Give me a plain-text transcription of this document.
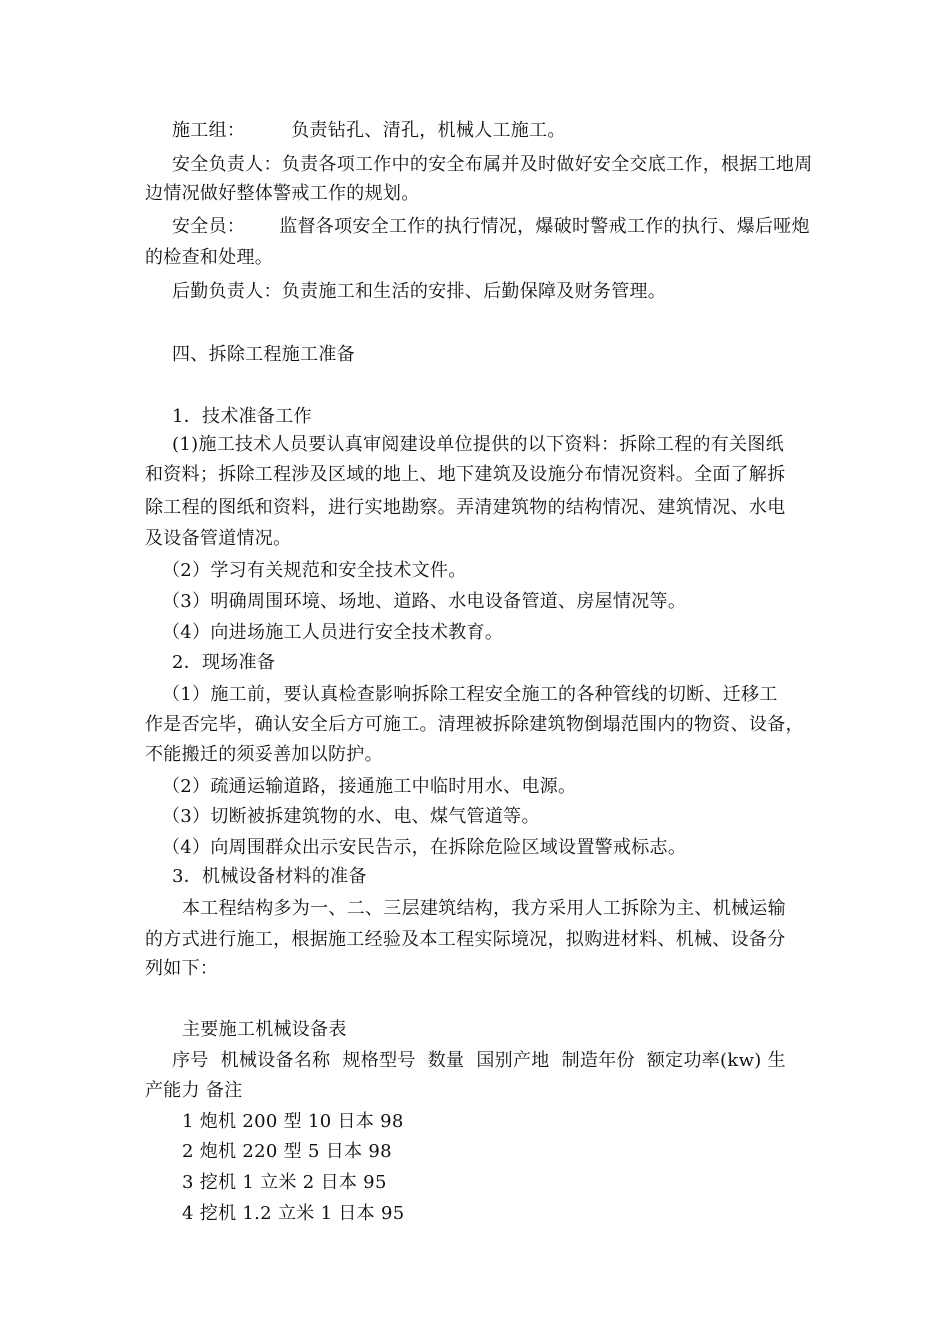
施工组：	负责钻孔、清孔，机械人工施工。
安全负责人：负责各项工作中的安全布属并及时做好安全交底工作，根据工地周
边情况做好整体警戒工作的规划。
安全员： 监督各项安全工作的执行情况，爆破时警戒工作的执行、爆后哑炮
的检查和处理。
后勤负责人：负责施工和生活的安排、后勤保障及财务管理。
四、拆除工程施工准备
1．技术准备工作
(1)施工技术人员要认真审阅建设单位提供的以下资料：拆除工程的有关图纸
和资料；拆除工程涉及区域的地上、地下建筑及设施分布情况资料。全面了解拆
除工程的图纸和资料，进行实地勘察。弄清建筑物的结构情况、建筑情况、水电
及设备管道情况。
（2）学习有关规范和安全技术文件。
（3）明确周围环境、场地、道路、水电设备管道、房屋情况等。
（4）向进场施工人员进行安全技术教育。
2．现场准备
（1）施工前，要认真检查影响拆除工程安全施工的各种管线的切断、迁移工
作是否完毕，确认安全后方可施工。清理被拆除建筑物倒塌范围内的物资、设备，
不能搬迁的须妥善加以防护。
（2）疏通运输道路，接通施工中临时用水、电源。
（3）切断被拆建筑物的水、电、煤气管道等。
（4）向周围群众出示安民告示，在拆除危险区域设置警戒标志。
3．机械设备材料的准备
本工程结构多为一、二、三层建筑结构，我方采用人工拆除为主、机械运输
的方式进行施工，根据施工经验及本工程实际境况，拟购进材料、机械、设备分
列如下：
主要施工机械设备表
序号  机械设备名称  规格型号  数量  国别产地  制造年份  额定功率(kw) 生
产能力 备注
1 炮机 200 型 10 日本 98
2 炮机 220 型 5 日本 98
3 挖机 1 立米 2 日本 95
4 挖机 1.2 立米 1 日本 95
